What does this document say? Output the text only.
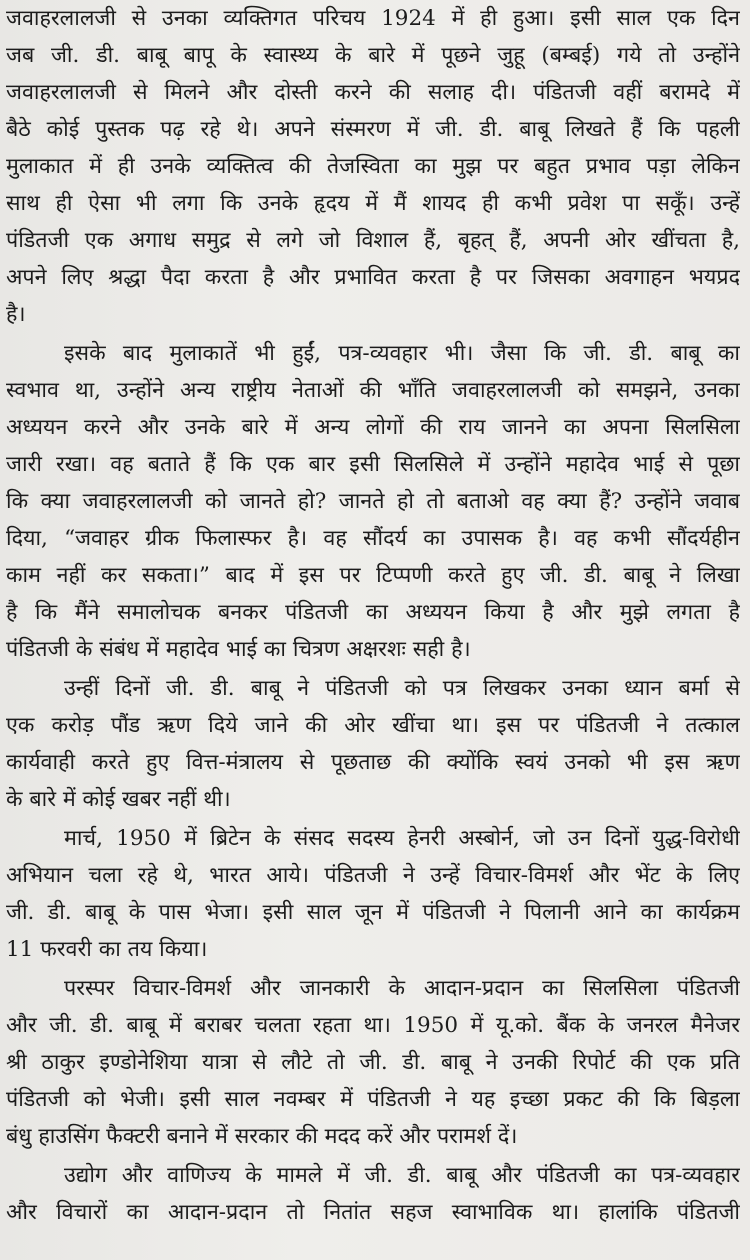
जवाहरलालजी से उनका व्यक्तिगत परिचय 1924 में ही हुआ। इसी साल एक दिन
जब जी. डी. बाबू बापू के स्वास्थ्य के बारे में पूछने जुहू (बम्बई) गये तो उन्होंने
जवाहरलालजी से मिलने और दोस्ती करने की सलाह दी। पंडितजी वहीं बरामदे में
बैठे कोई पुस्तक पढ़ रहे थे। अपने संस्मरण में जी. डी. बाबू लिखते हैं कि पहली
मुलाकात में ही उनके व्यक्तित्व की तेजस्विता का मुझ पर बहुत प्रभाव पड़ा लेकिन
साथ ही ऐसा भी लगा कि उनके हृदय में मैं शायद ही कभी प्रवेश पा सकूँ। उन्हें
पंडितजी एक अगाध समुद्र से लगे जो विशाल हैं, बृहत् हैं, अपनी ओर खींचता है,
अपने लिए श्रद्धा पैदा करता है और प्रभावित करता है पर जिसका अवगाहन भयप्रद
है।
इसके बाद मुलाकातें भी हुईं, पत्र-व्यवहार भी। जैसा कि जी. डी. बाबू का
स्वभाव था, उन्होंने अन्य राष्ट्रीय नेताओं की भाँति जवाहरलालजी को समझने, उनका
अध्ययन करने और उनके बारे में अन्य लोगों की राय जानने का अपना सिलसिला
जारी रखा। वह बताते हैं कि एक बार इसी सिलसिले में उन्होंने महादेव भाई से पूछा
कि क्या जवाहरलालजी को जानते हो? जानते हो तो बताओ वह क्या हैं? उन्होंने जवाब
दिया, “जवाहर ग्रीक फिलास्फर है। वह सौंदर्य का उपासक है। वह कभी सौंदर्यहीन
काम नहीं कर सकता।” बाद में इस पर टिप्पणी करते हुए जी. डी. बाबू ने लिखा
है कि मैंने समालोचक बनकर पंडितजी का अध्ययन किया है और मुझे लगता है
पंडितजी के संबंध में महादेव भाई का चित्रण अक्षरशः सही है।
उन्हीं दिनों जी. डी. बाबू ने पंडितजी को पत्र लिखकर उनका ध्यान बर्मा से
एक करोड़ पौंड ऋण दिये जाने की ओर खींचा था। इस पर पंडितजी ने तत्काल
कार्यवाही करते हुए वित्त-मंत्रालय से पूछताछ की क्योंकि स्वयं उनको भी इस ऋण
के बारे में कोई खबर नहीं थी।
मार्च, 1950 में ब्रिटेन के संसद सदस्य हेनरी अस्बोर्न, जो उन दिनों युद्ध-विरोधी
अभियान चला रहे थे, भारत आये। पंडितजी ने उन्हें विचार-विमर्श और भेंट के लिए
जी. डी. बाबू के पास भेजा। इसी साल जून में पंडितजी ने पिलानी आने का कार्यक्रम
11 फरवरी का तय किया।
परस्पर विचार-विमर्श और जानकारी के आदान-प्रदान का सिलसिला पंडितजी
और जी. डी. बाबू में बराबर चलता रहता था। 1950 में यू.को. बैंक के जनरल मैनेजर
श्री ठाकुर इण्डोनेशिया यात्रा से लौटे तो जी. डी. बाबू ने उनकी रिपोर्ट की एक प्रति
पंडितजी को भेजी। इसी साल नवम्बर में पंडितजी ने यह इच्छा प्रकट की कि बिड़ला
बंधु हाउसिंग फैक्टरी बनाने में सरकार की मदद करें और परामर्श दें।
उद्योग और वाणिज्य के मामले में जी. डी. बाबू और पंडितजी का पत्र-व्यवहार
और विचारों का आदान-प्रदान तो नितांत सहज स्वाभाविक था। हालांकि पंडितजी
